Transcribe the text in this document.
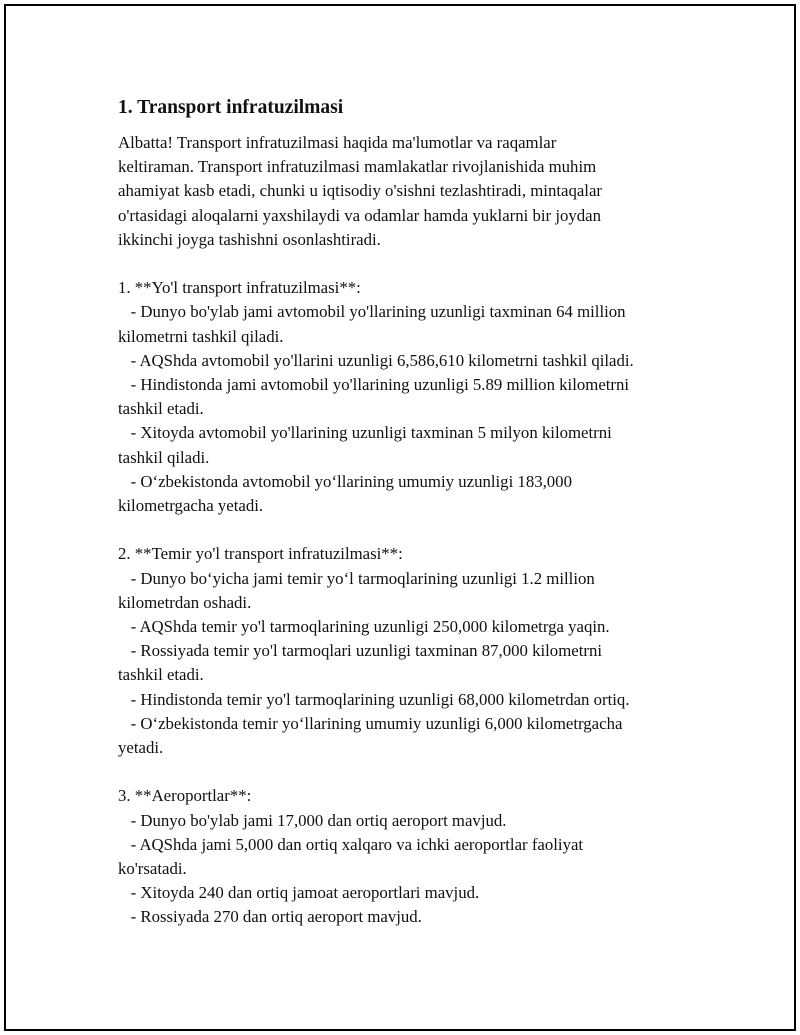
1. Transport infratuzilmasi
Albatta! Transport infratuzilmasi haqida ma'lumotlar va raqamlar
keltiraman. Transport infratuzilmasi mamlakatlar rivojlanishida muhim
ahamiyat kasb etadi, chunki u iqtisodiy o'sishni tezlashtiradi, mintaqalar
o'rtasidagi aloqalarni yaxshilaydi va odamlar hamda yuklarni bir joydan
ikkinchi joyga tashishni osonlashtiradi.
1. **Yo'l transport infratuzilmasi**:
- Dunyo bo'ylab jami avtomobil yo'llarining uzunligi taxminan 64 million
kilometrni tashkil qiladi.
- AQShda avtomobil yo'llarini uzunligi 6,586,610 kilometrni tashkil qiladi.
- Hindistonda jami avtomobil yo'llarining uzunligi 5.89 million kilometrni
tashkil etadi.
- Xitoyda avtomobil yo'llarining uzunligi taxminan 5 milyon kilometrni
tashkil qiladi.
- O‘zbekistonda avtomobil yo‘llarining umumiy uzunligi 183,000
kilometrgacha yetadi.
2. **Temir yo'l transport infratuzilmasi**:
- Dunyo bo‘yicha jami temir yo‘l tarmoqlarining uzunligi 1.2 million
kilometrdan oshadi.
- AQShda temir yo'l tarmoqlarining uzunligi 250,000 kilometrga yaqin.
- Rossiyada temir yo'l tarmoqlari uzunligi taxminan 87,000 kilometrni
tashkil etadi.
- Hindistonda temir yo'l tarmoqlarining uzunligi 68,000 kilometrdan ortiq.
- O‘zbekistonda temir yo‘llarining umumiy uzunligi 6,000 kilometrgacha
yetadi.
3. **Aeroportlar**:
- Dunyo bo'ylab jami 17,000 dan ortiq aeroport mavjud.
- AQShda jami 5,000 dan ortiq xalqaro va ichki aeroportlar faoliyat
ko'rsatadi.
- Xitoyda 240 dan ortiq jamoat aeroportlari mavjud.
- Rossiyada 270 dan ortiq aeroport mavjud.
